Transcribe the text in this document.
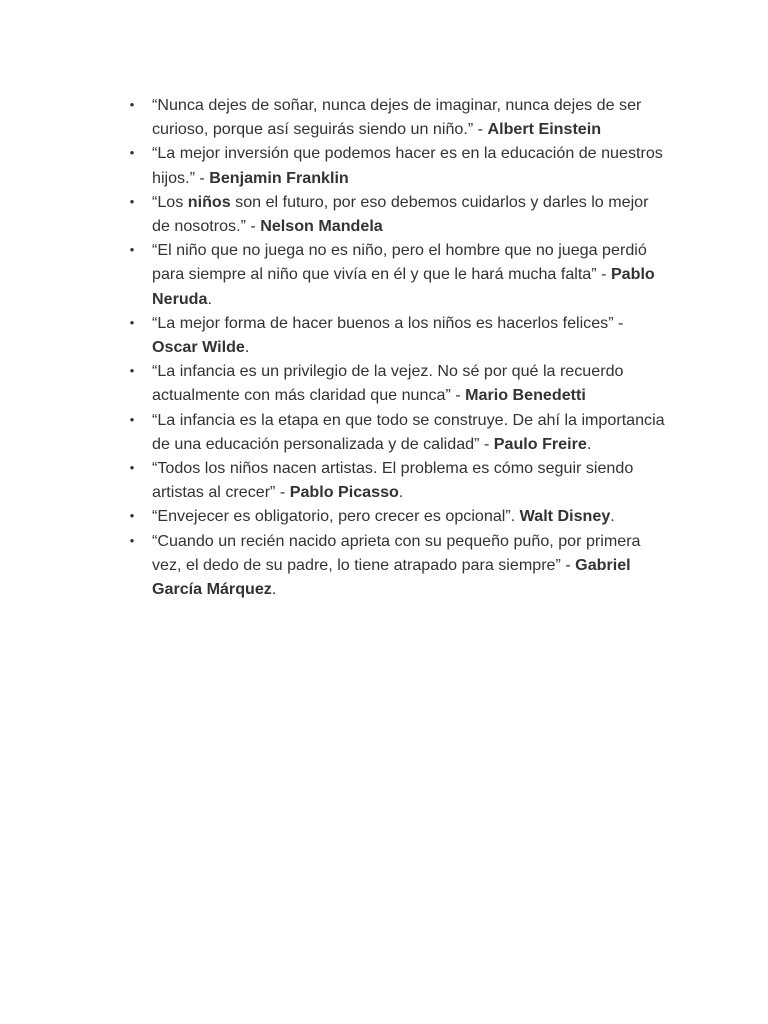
• “Nunca dejes de soñar, nunca dejes de imaginar, nunca dejes de ser curioso, porque así seguirás siendo un niño.” - Albert Einstein
• “La mejor inversión que podemos hacer es en la educación de nuestros hijos.” - Benjamin Franklin
• “Los niños son el futuro, por eso debemos cuidarlos y darles lo mejor de nosotros.” - Nelson Mandela
• “El niño que no juega no es niño, pero el hombre que no juega perdió para siempre al niño que vivía en él y que le hará mucha falta” - Pablo Neruda.
• “La mejor forma de hacer buenos a los niños es hacerlos felices” - Oscar Wilde.
• “La infancia es un privilegio de la vejez. No sé por qué la recuerdo actualmente con más claridad que nunca” - Mario Benedetti
• “La infancia es la etapa en que todo se construye. De ahí la importancia de una educación personalizada y de calidad” - Paulo Freire.
• “Todos los niños nacen artistas. El problema es cómo seguir siendo artistas al crecer” - Pablo Picasso.
• “Envejecer es obligatorio, pero crecer es opcional”. Walt Disney.
• “Cuando un recién nacido aprieta con su pequeño puño, por primera vez, el dedo de su padre, lo tiene atrapado para siempre” - Gabriel García Márquez.
